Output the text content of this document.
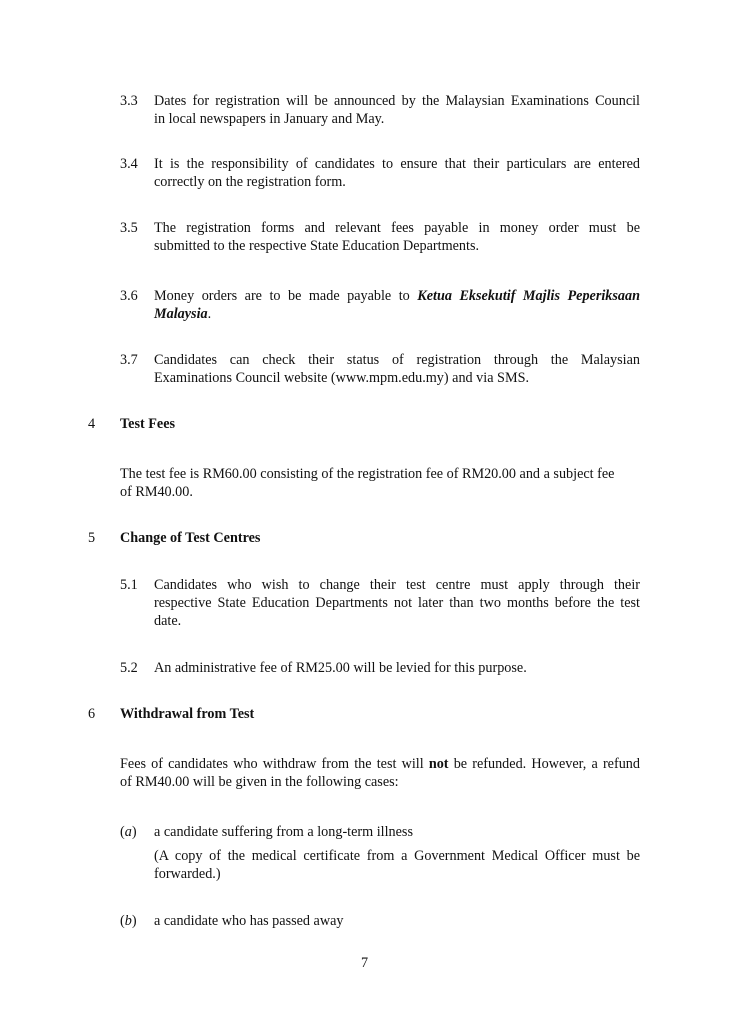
3.3 Dates for registration will be announced by the Malaysian Examinations Council
in local newspapers in January and May.
3.4 It is the responsibility of candidates to ensure that their particulars are entered
correctly on the registration form.
3.5 The registration forms and relevant fees payable in money order must be
submitted to the respective State Education Departments.
3.6 Money orders are to be made payable to Ketua Eksekutif Majlis Peperiksaan
Malaysia.
3.7 Candidates can check their status of registration through the Malaysian
Examinations Council website (www.mpm.edu.my) and via SMS.
4 Test Fees
The test fee is RM60.00 consisting of the registration fee of RM20.00 and a subject fee
of RM40.00.
5 Change of Test Centres
5.1 Candidates who wish to change their test centre must apply through their
respective State Education Departments not later than two months before the test
date.
5.2 An administrative fee of RM25.00 will be levied for this purpose.
6 Withdrawal from Test
Fees of candidates who withdraw from the test will not be refunded. However, a refund
of RM40.00 will be given in the following cases:
(a) a candidate suffering from a long-term illness
(A copy of the medical certificate from a Government Medical Officer must be
forwarded.)
(b) a candidate who has passed away
7
